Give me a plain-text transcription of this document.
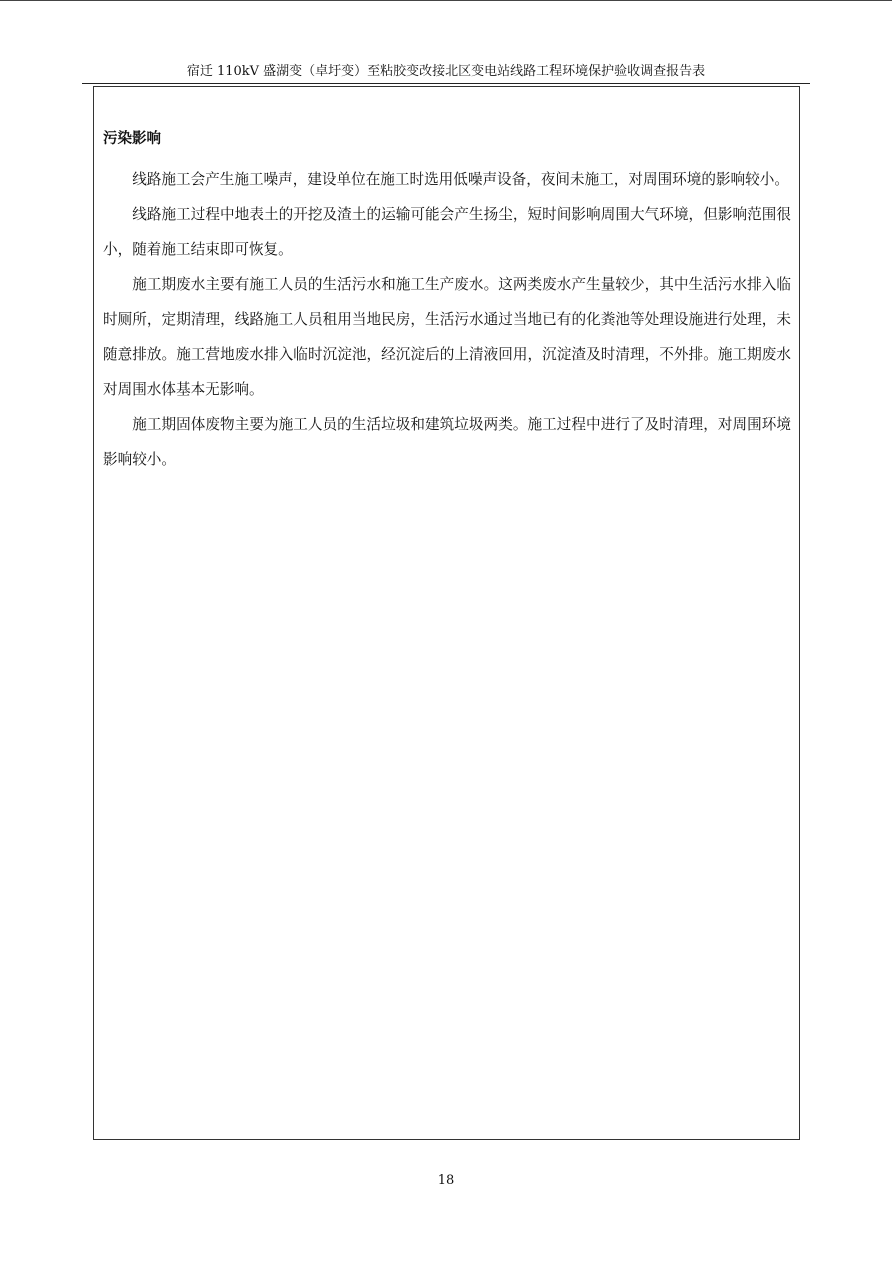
宿迁 110kV 盛湖变（卓圩变）至粘胶变改接北区变电站线路工程环境保护验收调查报告表
污染影响

线路施工会产生施工噪声，建设单位在施工时选用低噪声设备，夜间未施工，对周围环境的影响较小。

线路施工过程中地表土的开挖及渣土的运输可能会产生扬尘，短时间影响周围大气环境，但影响范围很小，随着施工结束即可恢复。

施工期废水主要有施工人员的生活污水和施工生产废水。这两类废水产生量较少，其中生活污水排入临时厕所，定期清理，线路施工人员租用当地民房，生活污水通过当地已有的化粪池等处理设施进行处理，未随意排放。施工营地废水排入临时沉淀池，经沉淀后的上清液回用，沉淀渣及时清理，不外排。施工期废水对周围水体基本无影响。

施工期固体废物主要为施工人员的生活垃圾和建筑垃圾两类。施工过程中进行了及时清理，对周围环境影响较小。

18
